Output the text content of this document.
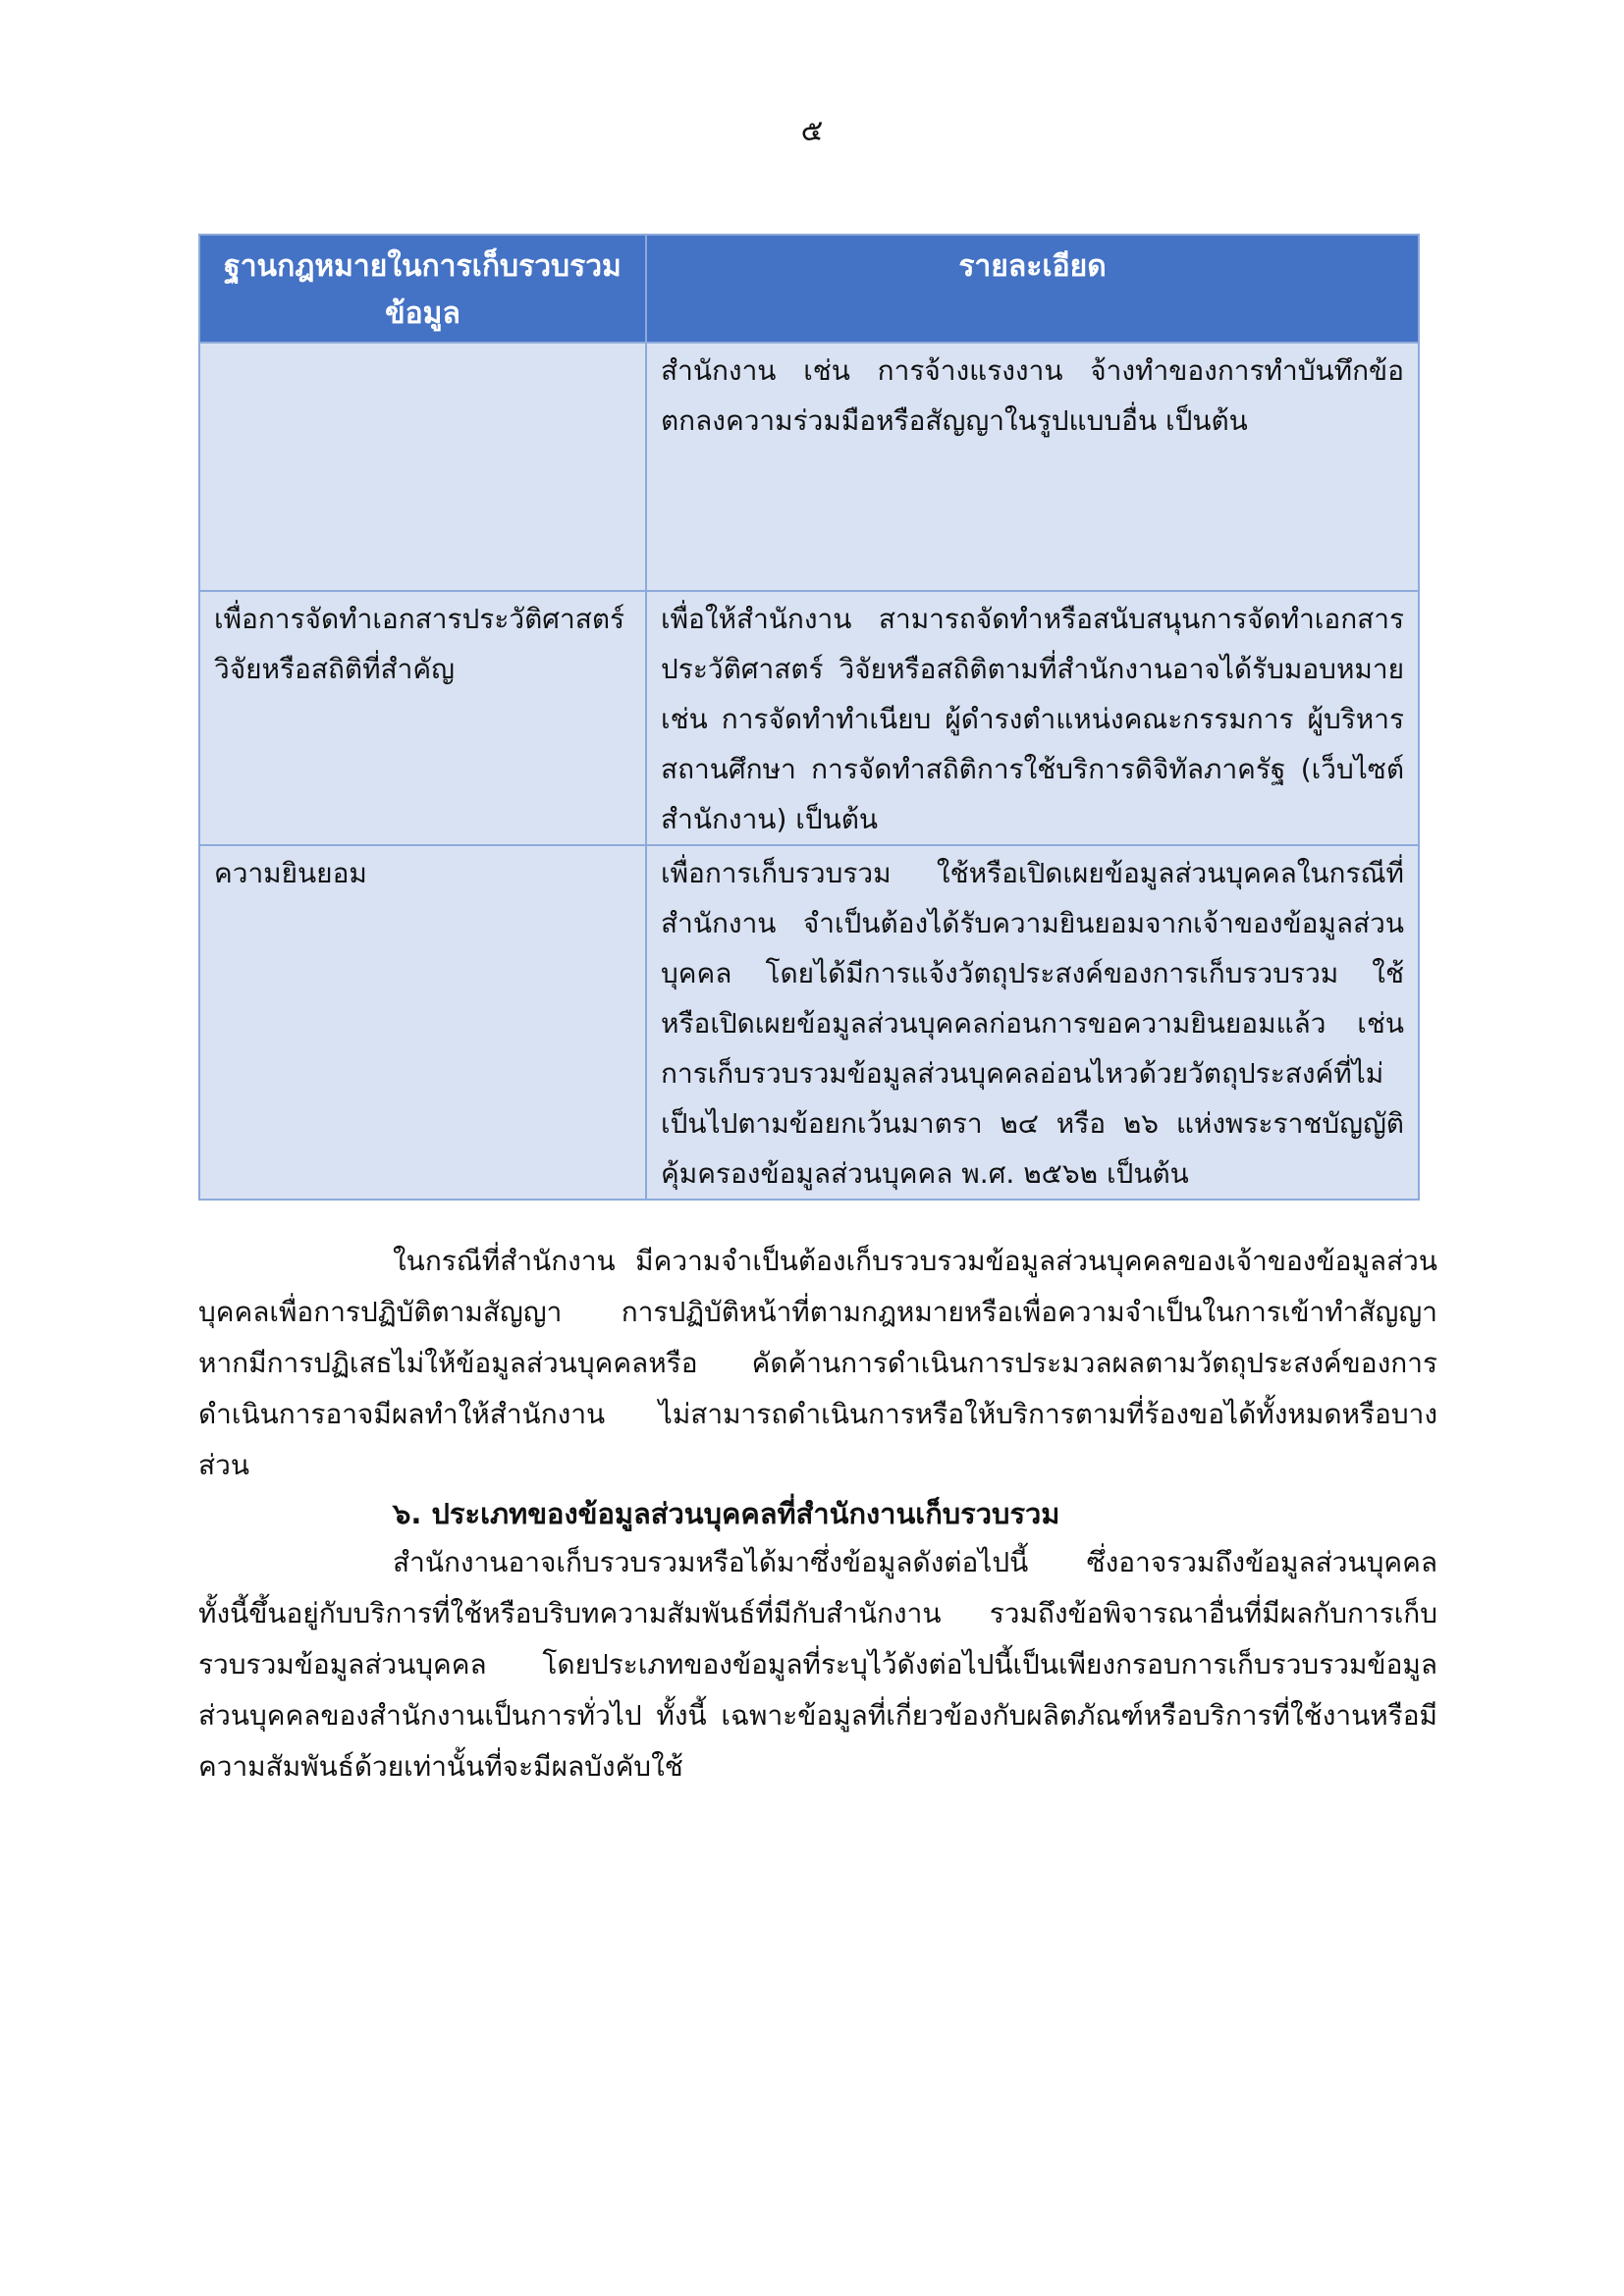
๕
ฐานกฎหมายในการเก็บรวบรวมข้อมูล	รายละเอียด
	สำนักงาน เช่น การจ้างแรงงาน จ้างทำของการทำบันทึกข้อตกลงความร่วมมือหรือสัญญาในรูปแบบอื่น เป็นต้น
เพื่อการจัดทำเอกสารประวัติศาสตร์ วิจัยหรือสถิติที่สำคัญ	เพื่อให้สำนักงาน สามารถจัดทำหรือสนับสนุนการจัดทำเอกสารประวัติศาสตร์ วิจัยหรือสถิติตามที่สำนักงานอาจได้รับมอบหมาย เช่น การจัดทำทำเนียบ ผู้ดำรงตำแหน่งคณะกรรมการ ผู้บริหารสถานศึกษา การจัดทำสถิติการใช้บริการดิจิทัลภาครัฐ (เว็บไซต์สำนักงาน) เป็นต้น
ความยินยอม	เพื่อการเก็บรวบรวม ใช้หรือเปิดเผยข้อมูลส่วนบุคคลในกรณีที่สำนักงาน จำเป็นต้องได้รับความยินยอมจากเจ้าของข้อมูลส่วนบุคคล โดยได้มีการแจ้งวัตถุประสงค์ของการเก็บรวบรวม ใช้ หรือเปิดเผยข้อมูลส่วนบุคคลก่อนการขอความยินยอมแล้ว เช่น การเก็บรวบรวมข้อมูลส่วนบุคคลอ่อนไหวด้วยวัตถุประสงค์ที่ไม่เป็นไปตามข้อยกเว้นมาตรา ๒๔ หรือ ๒๖ แห่งพระราชบัญญัติคุ้มครองข้อมูลส่วนบุคคล พ.ศ. ๒๕๖๒ เป็นต้น

ในกรณีที่สำนักงาน มีความจำเป็นต้องเก็บรวบรวมข้อมูลส่วนบุคคลของเจ้าของข้อมูลส่วนบุคคลเพื่อการปฏิบัติตามสัญญา การปฏิบัติหน้าที่ตามกฎหมายหรือเพื่อความจำเป็นในการเข้าทำสัญญา หากมีการปฏิเสธไม่ให้ข้อมูลส่วนบุคคลหรือ คัดค้านการดำเนินการประมวลผลตามวัตถุประสงค์ของการดำเนินการอาจมีผลทำให้สำนักงาน ไม่สามารถดำเนินการหรือให้บริการตามที่ร้องขอได้ทั้งหมดหรือบางส่วน

๖. ประเภทของข้อมูลส่วนบุคคลที่สำนักงานเก็บรวบรวม

สำนักงานอาจเก็บรวบรวมหรือได้มาซึ่งข้อมูลดังต่อไปนี้ ซึ่งอาจรวมถึงข้อมูลส่วนบุคคล ทั้งนี้ขึ้นอยู่กับบริการที่ใช้หรือบริบทความสัมพันธ์ที่มีกับสำนักงาน รวมถึงข้อพิจารณาอื่นที่มีผลกับการเก็บรวบรวมข้อมูลส่วนบุคคล โดยประเภทของข้อมูลที่ระบุไว้ดังต่อไปนี้เป็นเพียงกรอบการเก็บรวบรวมข้อมูลส่วนบุคคลของสำนักงานเป็นการทั่วไป ทั้งนี้ เฉพาะข้อมูลที่เกี่ยวข้องกับผลิตภัณฑ์หรือบริการที่ใช้งานหรือมีความสัมพันธ์ด้วยเท่านั้นที่จะมีผลบังคับใช้
